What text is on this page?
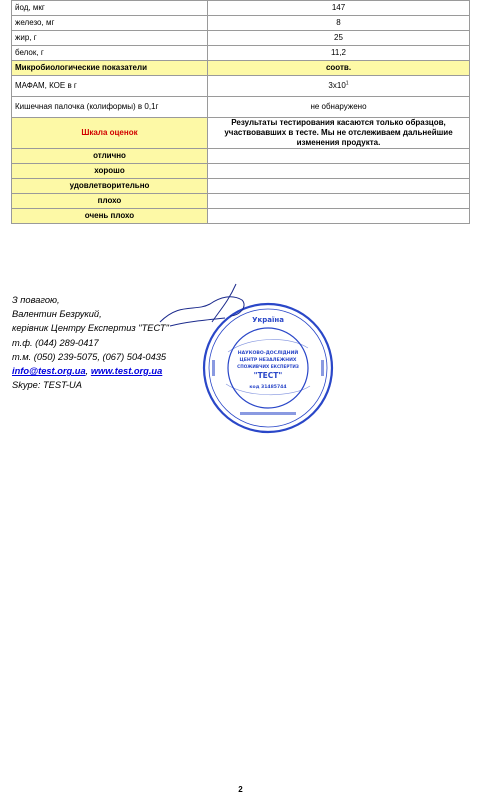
йод, мкг	147
железо, мг	8
жир, г	25
белок, г	11,2
Микробиологические показатели	соотв.
МАФАМ, КОЕ в г	$3х10^1$
Кишечная палочка (колиформы) в 0,1г	не обнаружено
Шкала оценок	Результаты тестирования касаются только образцов, участвовавших в тесте. Мы не отслеживаем дальнейшие изменения продукта.
отлично	
хорошо	
удовлетворительно	
плохо	
очень плохо	
З повагою,
Валентин Безрукий,
керівник Центру Експертиз "ТЕСТ"
т.ф. (044) 289-0417
т.м. (050) 239-5075, (067) 504-0435
info@test.org.ua, www.test.org.ua
Skype: TEST-UA
Україна
НАУКОВО-ДОСЛІДНИЙ
ЦЕНТР НЕЗАЛЕЖНИХ
СПОЖИВЧИХ ЕКСПЕРТИЗ
"ТЕСТ"
код 31485744
2
